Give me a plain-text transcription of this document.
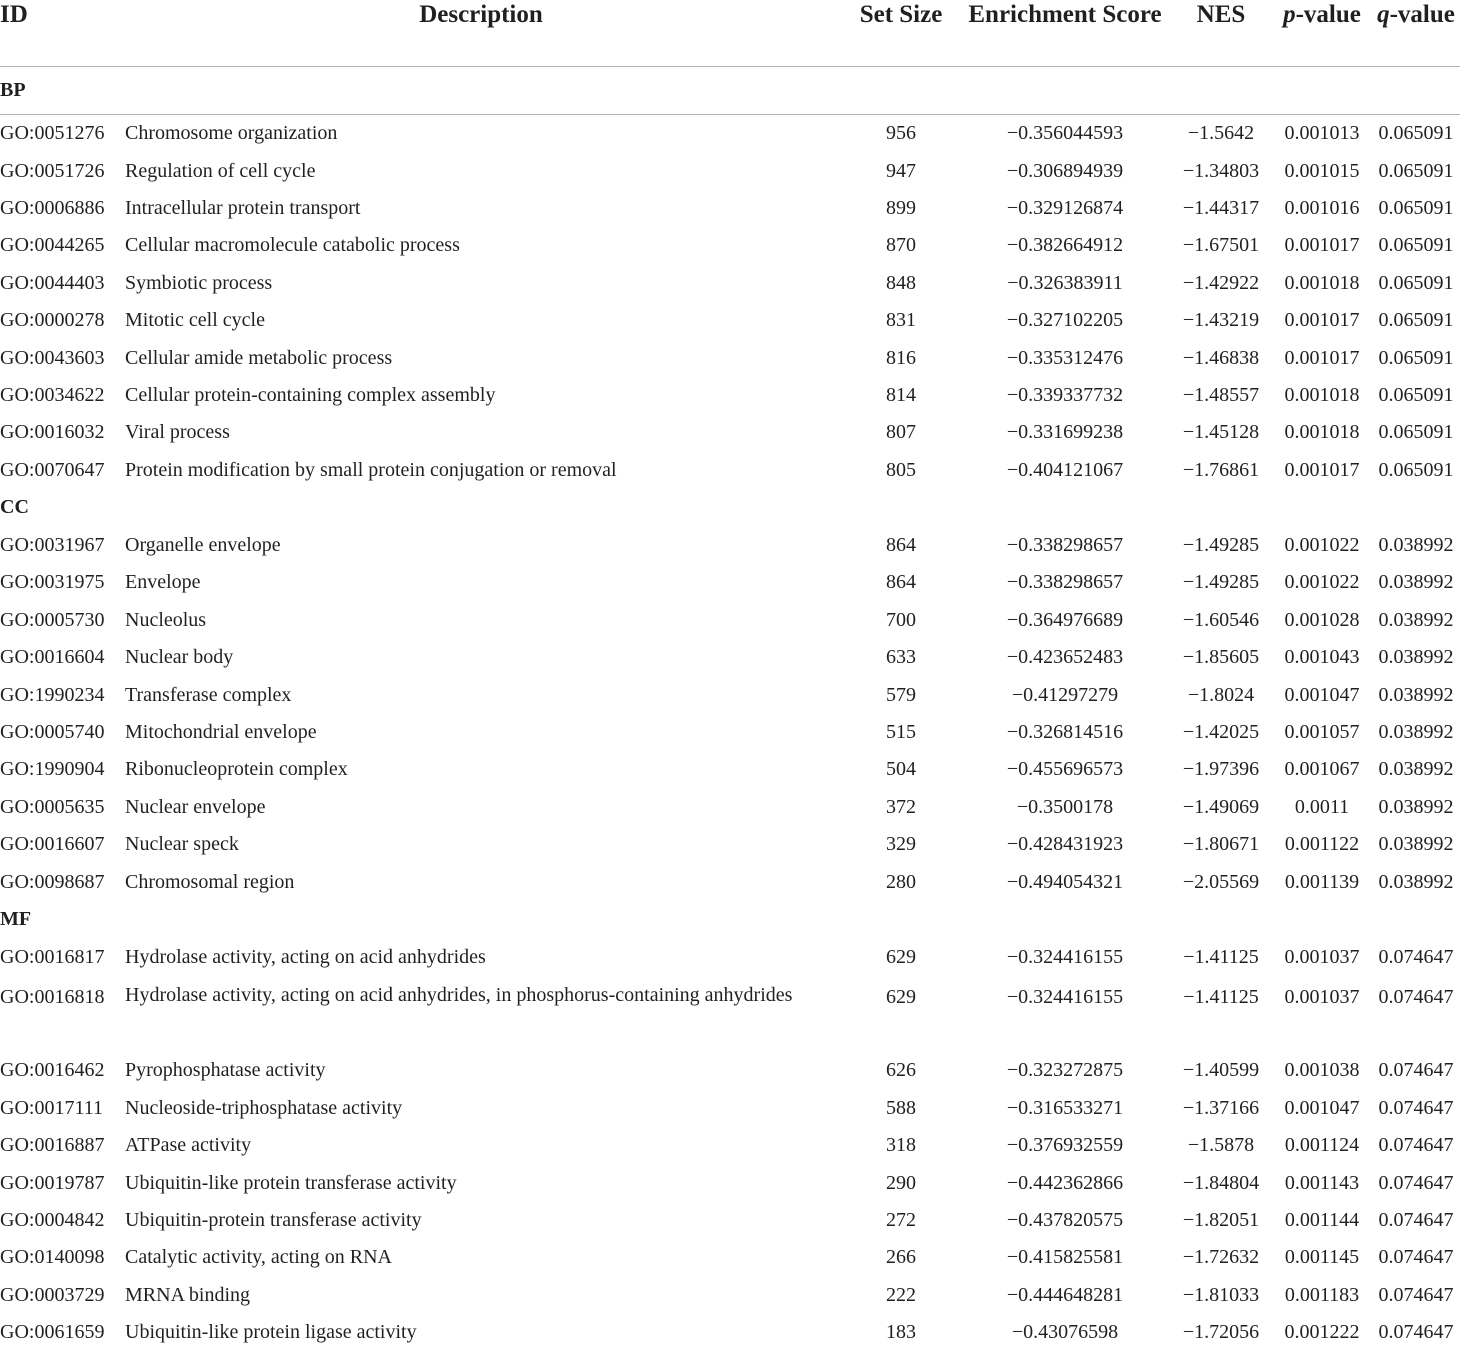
ID	Description	Set Size	Enrichment Score	NES	p-value	q-value
BP						
GO:0051276	Chromosome organization	956	−0.356044593	−1.5642	0.001013	0.065091
GO:0051726	Regulation of cell cycle	947	−0.306894939	−1.34803	0.001015	0.065091
GO:0006886	Intracellular protein transport	899	−0.329126874	−1.44317	0.001016	0.065091
GO:0044265	Cellular macromolecule catabolic process	870	−0.382664912	−1.67501	0.001017	0.065091
GO:0044403	Symbiotic process	848	−0.326383911	−1.42922	0.001018	0.065091
GO:0000278	Mitotic cell cycle	831	−0.327102205	−1.43219	0.001017	0.065091
GO:0043603	Cellular amide metabolic process	816	−0.335312476	−1.46838	0.001017	0.065091
GO:0034622	Cellular protein-containing complex assembly	814	−0.339337732	−1.48557	0.001018	0.065091
GO:0016032	Viral process	807	−0.331699238	−1.45128	0.001018	0.065091
GO:0070647	Protein modification by small protein conjugation or removal	805	−0.404121067	−1.76861	0.001017	0.065091
CC						
GO:0031967	Organelle envelope	864	−0.338298657	−1.49285	0.001022	0.038992
GO:0031975	Envelope	864	−0.338298657	−1.49285	0.001022	0.038992
GO:0005730	Nucleolus	700	−0.364976689	−1.60546	0.001028	0.038992
GO:0016604	Nuclear body	633	−0.423652483	−1.85605	0.001043	0.038992
GO:1990234	Transferase complex	579	−0.41297279	−1.8024	0.001047	0.038992
GO:0005740	Mitochondrial envelope	515	−0.326814516	−1.42025	0.001057	0.038992
GO:1990904	Ribonucleoprotein complex	504	−0.455696573	−1.97396	0.001067	0.038992
GO:0005635	Nuclear envelope	372	−0.3500178	−1.49069	0.0011	0.038992
GO:0016607	Nuclear speck	329	−0.428431923	−1.80671	0.001122	0.038992
GO:0098687	Chromosomal region	280	−0.494054321	−2.05569	0.001139	0.038992
MF						
GO:0016817	Hydrolase activity, acting on acid anhydrides	629	−0.324416155	−1.41125	0.001037	0.074647
GO:0016818	Hydrolase activity, acting on acid anhydrides, in phosphorus-containing anhydrides	629	−0.324416155	−1.41125	0.001037	0.074647
GO:0016462	Pyrophosphatase activity	626	−0.323272875	−1.40599	0.001038	0.074647
GO:0017111	Nucleoside-triphosphatase activity	588	−0.316533271	−1.37166	0.001047	0.074647
GO:0016887	ATPase activity	318	−0.376932559	−1.5878	0.001124	0.074647
GO:0019787	Ubiquitin-like protein transferase activity	290	−0.442362866	−1.84804	0.001143	0.074647
GO:0004842	Ubiquitin-protein transferase activity	272	−0.437820575	−1.82051	0.001144	0.074647
GO:0140098	Catalytic activity, acting on RNA	266	−0.415825581	−1.72632	0.001145	0.074647
GO:0003729	MRNA binding	222	−0.444648281	−1.81033	0.001183	0.074647
GO:0061659	Ubiquitin-like protein ligase activity	183	−0.43076598	−1.72056	0.001222	0.074647
